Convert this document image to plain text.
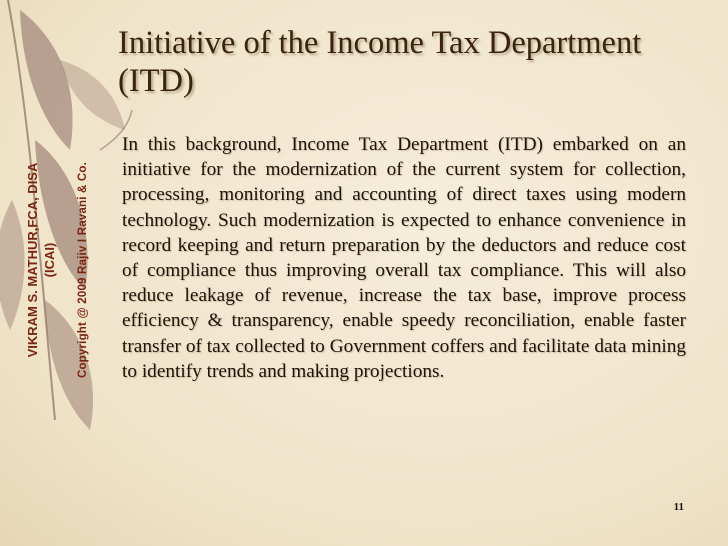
VIKRAM S. MATHUR,FCA, DISA (ICAI) Copyright @ 2009 Rajiv I Ravani & Co.
Initiative of the Income Tax Department (ITD)

In this background, Income Tax Department (ITD) embarked on an initiative for the modernization of the current system for collection, processing, monitoring and accounting of direct taxes using modern technology. Such modernization is expected to enhance convenience in record keeping and return preparation by the deductors and reduce cost of compliance thus improving overall tax compliance. This will also reduce leakage of revenue, increase the tax base, improve process efficiency & transparency, enable speedy reconciliation, enable faster transfer of tax collected to Government coffers and facilitate data mining to identify trends and making projections.

11
